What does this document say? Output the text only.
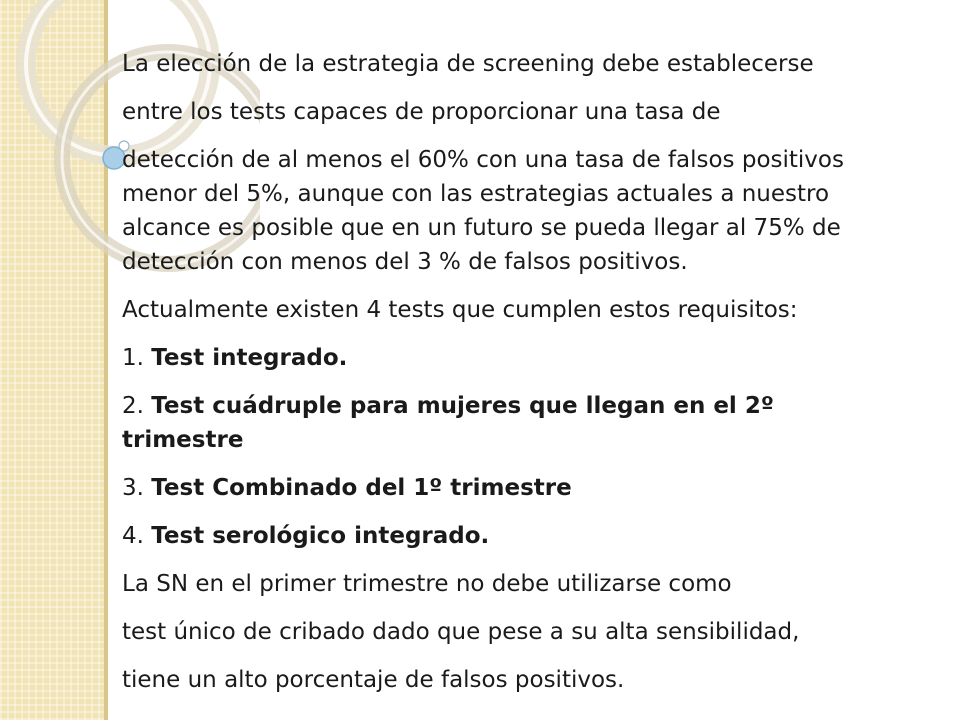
La elección de la estrategia de screening debe establecerse
entre los tests capaces de proporcionar una tasa de
detección de al menos el 60% con una tasa de falsos positivos
menor del 5%, aunque con las estrategias actuales a nuestro
alcance es posible que en un futuro se pueda llegar al 75% de
detección con menos del 3 % de falsos positivos.
Actualmente existen 4 tests que cumplen estos requisitos:
1. Test integrado.
2. Test cuádruple para mujeres que llegan en el 2º
trimestre
3. Test Combinado del 1º trimestre
4. Test serológico integrado.
La SN en el primer trimestre no debe utilizarse como
test único de cribado dado que pese a su alta sensibilidad,
tiene un alto porcentaje de falsos positivos.
